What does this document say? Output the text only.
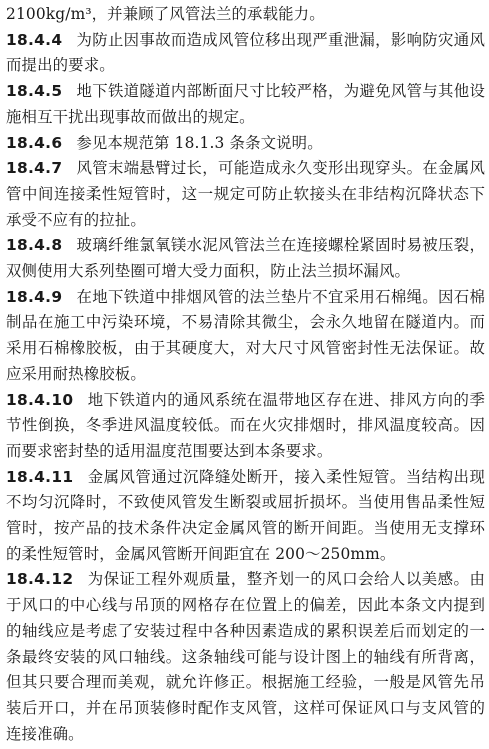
2100kg/m³，并兼顾了风管法兰的承载能力。

18.4.4 为防止因事故而造成风管位移出现严重泄漏，影响防灾通风而提出的要求。

18.4.5 地下铁道隧道内部断面尺寸比较严格，为避免风管与其他设施相互干扰出现事故而做出的规定。

18.4.6 参见本规范第 18.1.3 条条文说明。

18.4.7 风管末端悬臂过长，可能造成永久变形出现穿头。在金属风管中间连接柔性短管时，这一规定可防止软接头在非结构沉降状态下承受不应有的拉扯。

18.4.8 玻璃纤维氯氧镁水泥风管法兰在连接螺栓紧固时易被压裂，双侧使用大系列垫圈可增大受力面积，防止法兰损坏漏风。

18.4.9 在地下铁道中排烟风管的法兰垫片不宜采用石棉绳。因石棉制品在施工中污染环境，不易清除其微尘，会永久地留在隧道内。而采用石棉橡胶板，由于其硬度大，对大尺寸风管密封性无法保证。故应采用耐热橡胶板。

18.4.10 地下铁道内的通风系统在温带地区存在进、排风方向的季节性倒换，冬季进风温度较低。而在火灾排烟时，排风温度较高。因而要求密封垫的适用温度范围要达到本条要求。

18.4.11 金属风管通过沉降缝处断开，接入柔性短管。当结构出现不均匀沉降时，不致使风管发生断裂或屈折损坏。当使用售品柔性短管时，按产品的技术条件决定金属风管的断开间距。当使用无支撑环的柔性短管时，金属风管断开间距宜在 200～250mm。

18.4.12 为保证工程外观质量，整齐划一的风口会给人以美感。由于风口的中心线与吊顶的网格存在位置上的偏差，因此本条文内提到的轴线应是考虑了安装过程中各种因素造成的累积误差后而划定的一条最终安装的风口轴线。这条轴线可能与设计图上的轴线有所背离，但其只要合理而美观，就允许修正。根据施工经验，一般是风管先吊装后开口，并在吊顶装修时配作支风管，这样可保证风口与支风管的连接准确。
